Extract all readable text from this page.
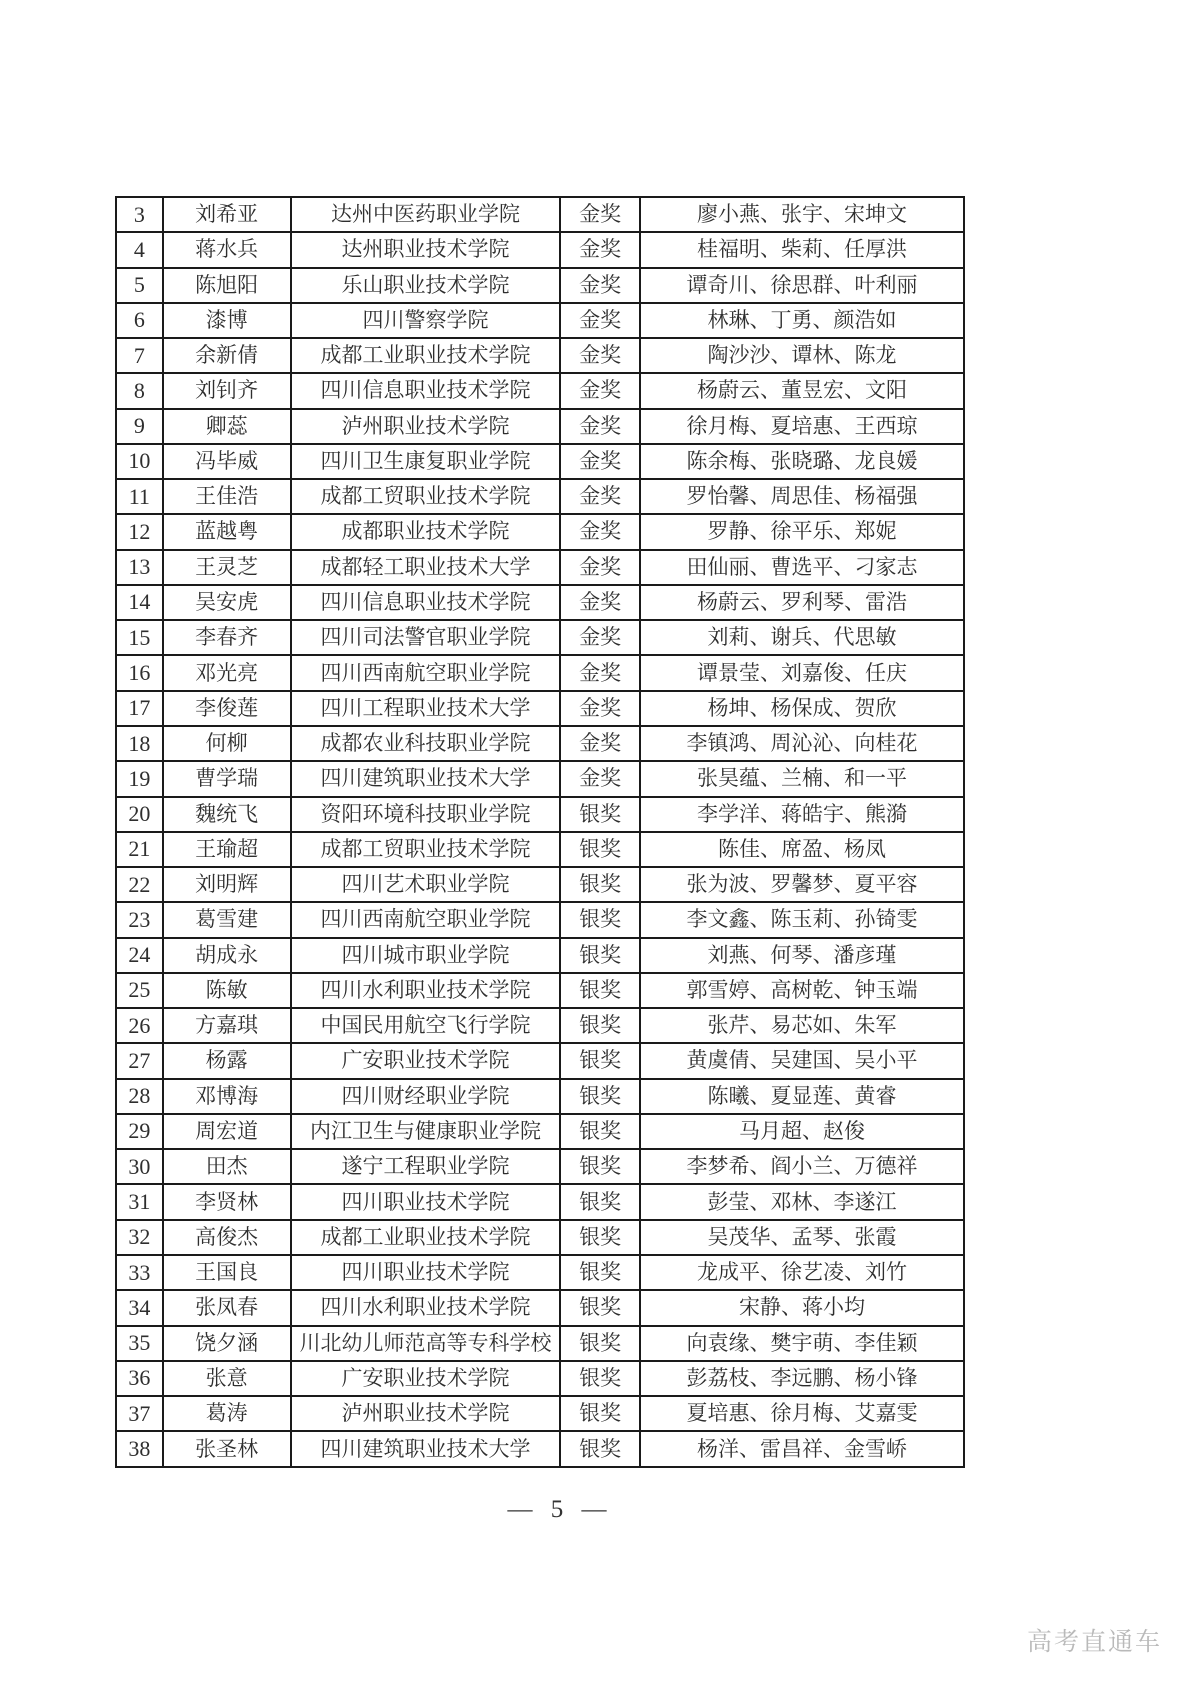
3	刘希亚	达州中医药职业学院	金奖	廖小燕、张宇、宋坤文
4	蒋水兵	达州职业技术学院	金奖	桂福明、柴莉、任厚洪
5	陈旭阳	乐山职业技术学院	金奖	谭奇川、徐思群、叶利丽
6	漆博	四川警察学院	金奖	林琳、丁勇、颜浩如
7	余新倩	成都工业职业技术学院	金奖	陶沙沙、谭林、陈龙
8	刘钊齐	四川信息职业技术学院	金奖	杨蔚云、董昱宏、文阳
9	卿蕊	泸州职业技术学院	金奖	徐月梅、夏培惠、王西琼
10	冯毕威	四川卫生康复职业学院	金奖	陈余梅、张晓璐、龙良媛
11	王佳浩	成都工贸职业技术学院	金奖	罗怡馨、周思佳、杨福强
12	蓝越粤	成都职业技术学院	金奖	罗静、徐平乐、郑妮
13	王灵芝	成都轻工职业技术大学	金奖	田仙丽、曹选平、刁家志
14	吴安虎	四川信息职业技术学院	金奖	杨蔚云、罗利琴、雷浩
15	李春齐	四川司法警官职业学院	金奖	刘莉、谢兵、代思敏
16	邓光亮	四川西南航空职业学院	金奖	谭景莹、刘嘉俊、任庆
17	李俊莲	四川工程职业技术大学	金奖	杨坤、杨保成、贺欣
18	何柳	成都农业科技职业学院	金奖	李镇鸿、周沁沁、向桂花
19	曹学瑞	四川建筑职业技术大学	金奖	张昊蕴、兰楠、和一平
20	魏统飞	资阳环境科技职业学院	银奖	李学洋、蒋皓宇、熊漪
21	王瑜超	成都工贸职业技术学院	银奖	陈佳、席盈、杨凤
22	刘明辉	四川艺术职业学院	银奖	张为波、罗馨梦、夏平容
23	葛雪建	四川西南航空职业学院	银奖	李文鑫、陈玉莉、孙锜雯
24	胡成永	四川城市职业学院	银奖	刘燕、何琴、潘彦瑾
25	陈敏	四川水利职业技术学院	银奖	郭雪婷、高树乾、钟玉端
26	方嘉琪	中国民用航空飞行学院	银奖	张芹、易芯如、朱军
27	杨露	广安职业技术学院	银奖	黄虞倩、吴建国、吴小平
28	邓博海	四川财经职业学院	银奖	陈曦、夏显莲、黄睿
29	周宏道	内江卫生与健康职业学院	银奖	马月超、赵俊
30	田杰	遂宁工程职业学院	银奖	李梦希、阎小兰、万德祥
31	李贤林	四川职业技术学院	银奖	彭莹、邓林、李遂江
32	高俊杰	成都工业职业技术学院	银奖	吴茂华、孟琴、张霞
33	王国良	四川职业技术学院	银奖	龙成平、徐艺凌、刘竹
34	张凤春	四川水利职业技术学院	银奖	宋静、蒋小均
35	饶夕涵	川北幼儿师范高等专科学校	银奖	向袁缘、樊宇萌、李佳颖
36	张意	广安职业技术学院	银奖	彭荔枝、李远鹏、杨小锋
37	葛涛	泸州职业技术学院	银奖	夏培惠、徐月梅、艾嘉雯
38	张圣林	四川建筑职业技术大学	银奖	杨洋、雷昌祥、金雪峤
— 5 —
高考直通车
